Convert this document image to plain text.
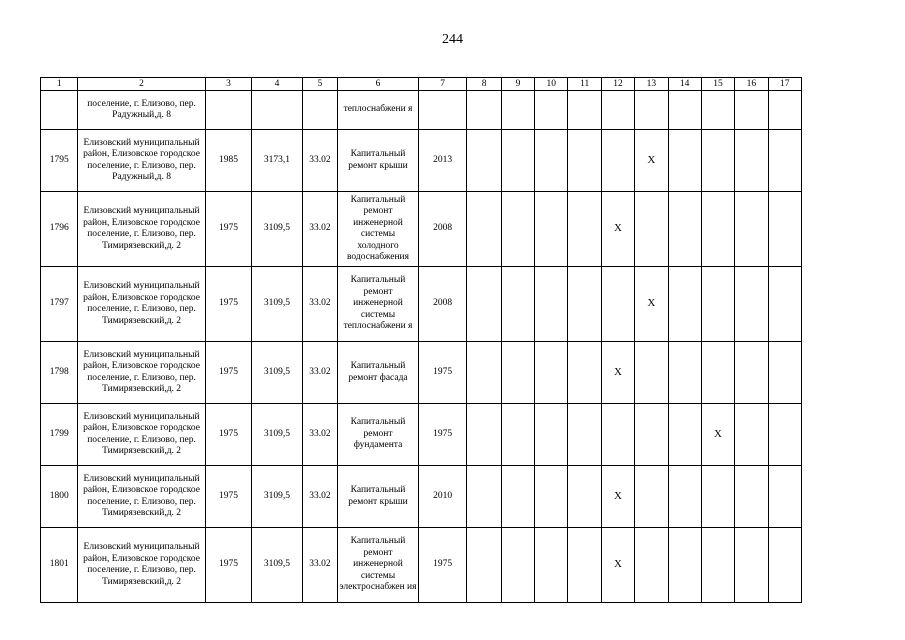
244
1	2	3	4	5	6	7	8	9	10	11	12	13	14	15	16	17
	поселение, г. Елизово, пер. Радужный,д. 8				теплоснабжени я											
1795	Елизовский муниципальный район, Елизовское городское поселение, г. Елизово, пер. Радужный,д. 8	1985	3173,1	33.02	Капитальный ремонт крыши	2013						X				
1796	Елизовский муниципальный район, Елизовское городское поселение, г. Елизово, пер. Тимирязевский,д. 2	1975	3109,5	33.02	Капитальный ремонт инженерной системы холодного водоснабжения	2008					X					
1797	Елизовский муниципальный район, Елизовское городское поселение, г. Елизово, пер. Тимирязевский,д. 2	1975	3109,5	33.02	Капитальный ремонт инженерной системы теплоснабжени я	2008						X				
1798	Елизовский муниципальный район, Елизовское городское поселение, г. Елизово, пер. Тимирязевский,д. 2	1975	3109,5	33.02	Капитальный ремонт фасада	1975					X					
1799	Елизовский муниципальный район, Елизовское городское поселение, г. Елизово, пер. Тимирязевский,д. 2	1975	3109,5	33.02	Капитальный ремонт фундамента	1975								X		
1800	Елизовский муниципальный район, Елизовское городское поселение, г. Елизово, пер. Тимирязевский,д. 2	1975	3109,5	33.02	Капитальный ремонт крыши	2010					X					
1801	Елизовский муниципальный район, Елизовское городское поселение, г. Елизово, пер. Тимирязевский,д. 2	1975	3109,5	33.02	Капитальный ремонт инженерной системы электроснабжен ия	1975					X					
